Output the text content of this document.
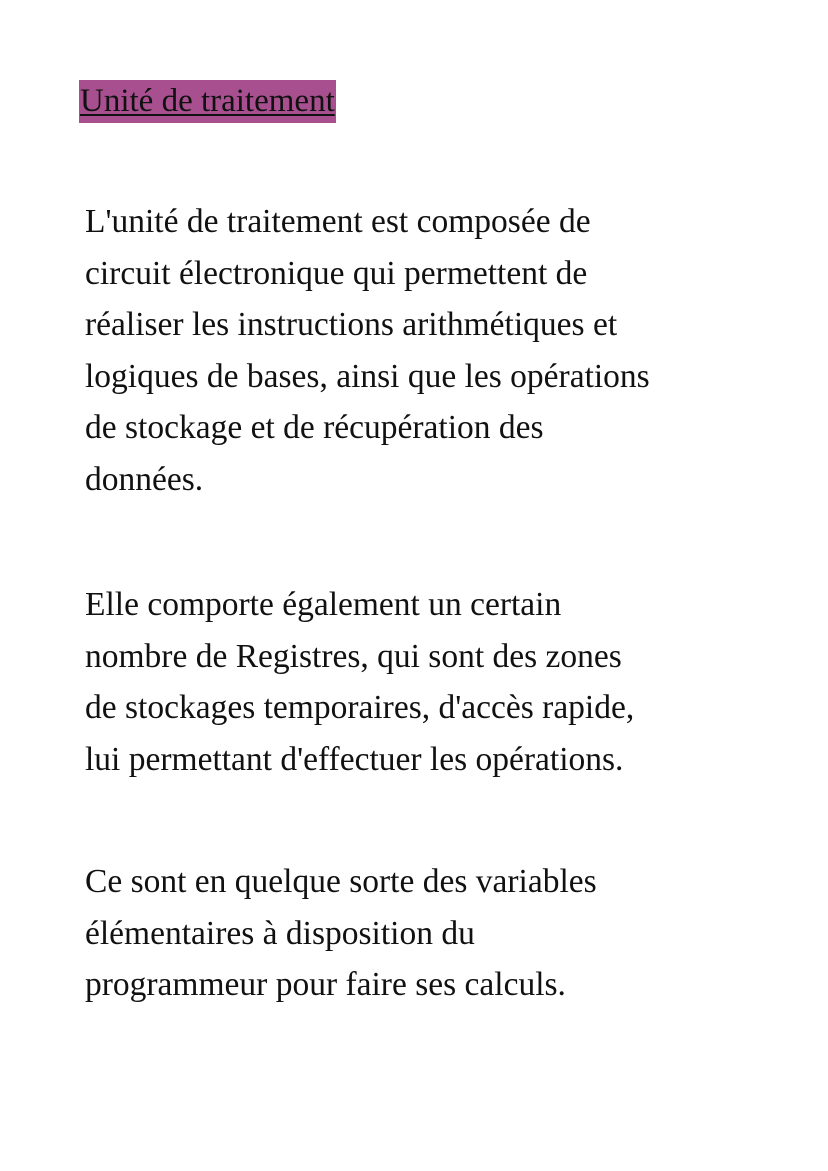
Unité de traitement

L'unité de traitement est composée de
circuit électronique qui permettent de
réaliser les instructions arithmétiques et
logiques de bases, ainsi que les opérations
de stockage et de récupération des
données.

Elle comporte également un certain
nombre de Registres, qui sont des zones
de stockages temporaires, d'accès rapide,
lui permettant d'effectuer les opérations.

Ce sont en quelque sorte des variables
élémentaires à disposition du
programmeur pour faire ses calculs.
